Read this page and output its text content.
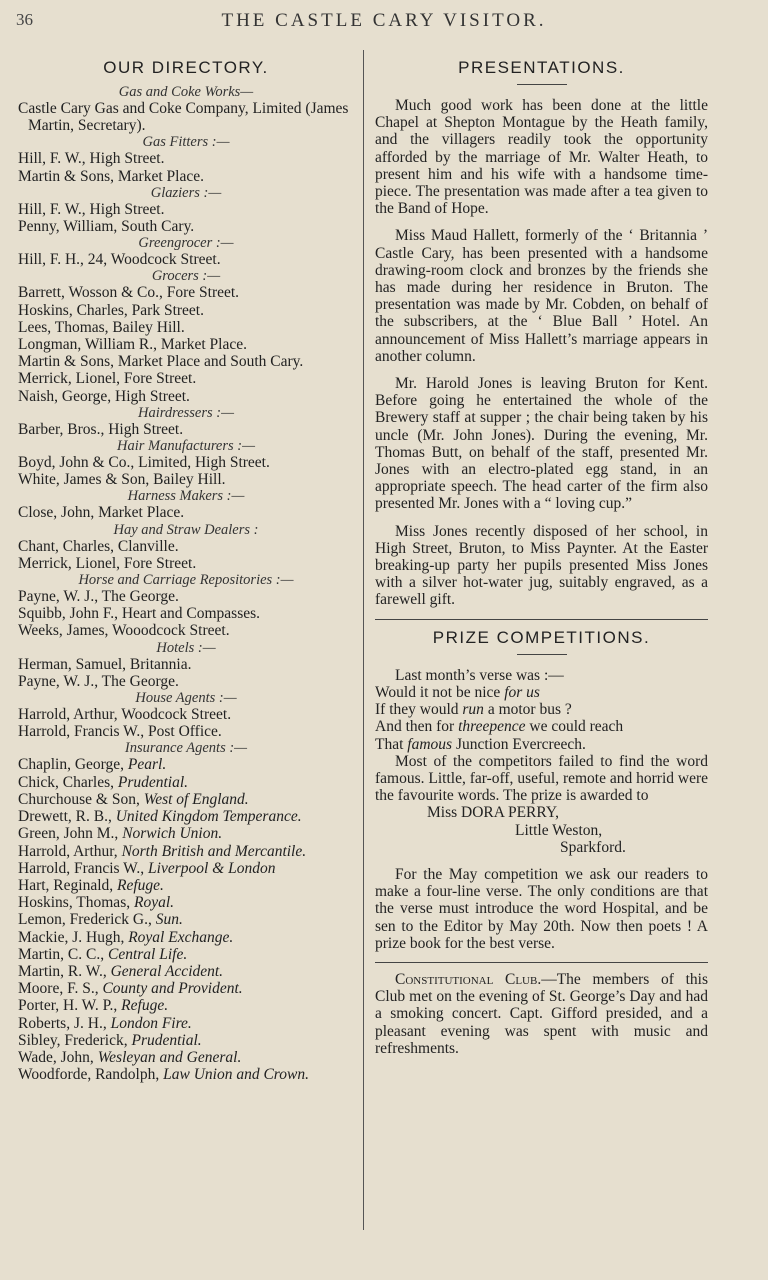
36	THE CASTLE CARY VISITOR.
OUR DIRECTORY.
Gas and Coke Works—
Castle Cary Gas and Coke Company, Limited (James Martin, Secretary).
Gas Fitters :—
Hill, F. W., High Street.
Martin & Sons, Market Place.
Glaziers :—
Hill, F. W., High Street.
Penny, William, South Cary.
Greengrocer :—
Hill, F. H., 24, Woodcock Street.
Grocers :—
Barrett, Wosson & Co., Fore Street.
Hoskins, Charles, Park Street.
Lees, Thomas, Bailey Hill.
Longman, William R., Market Place.
Martin & Sons, Market Place and South Cary.
Merrick, Lionel, Fore Street.
Naish, George, High Street.
Hairdressers :—
Barber, Bros., High Street.
Hair Manufacturers :—
Boyd, John & Co., Limited, High Street.
White, James & Son, Bailey Hill.
Harness Makers :—
Close, John, Market Place.
Hay and Straw Dealers :
Chant, Charles, Clanville.
Merrick, Lionel, Fore Street.
Horse and Carriage Repositories :—
Payne, W. J., The George.
Squibb, John F., Heart and Compasses.
Weeks, James, Wooodcock Street.
Hotels :—
Herman, Samuel, Britannia.
Payne, W. J., The George.
House Agents :—
Harrold, Arthur, Woodcock Street.
Harrold, Francis W., Post Office.
Insurance Agents :—
Chaplin, George, Pearl.
Chick, Charles, Prudential.
Churchouse & Son, West of England.
Drewett, R. B., United Kingdom Temperance.
Green, John M., Norwich Union.
Harrold, Arthur, North British and Mercantile.
Harrold, Francis W., Liverpool & London
Hart, Reginald, Refuge.
Hoskins, Thomas, Royal.
Lemon, Frederick G., Sun.
Mackie, J. Hugh, Royal Exchange.
Martin, C. C., Central Life.
Martin, R. W., General Accident.
Moore, F. S., County and Provident.
Porter, H. W. P., Refuge.
Roberts, J. H., London Fire.
Sibley, Frederick, Prudential.
Wade, John, Wesleyan and General.
Woodforde, Randolph, Law Union and Crown.
PRESENTATIONS.

Much good work has been done at the little Chapel at Shepton Montague by the Heath family, and the villagers readily took the opportunity afforded by the marriage of Mr. Walter Heath, to present him and his wife with a handsome time-piece. The presentation was made after a tea given to the Band of Hope.

Miss Maud Hallett, formerly of the ‘ Britannia ’ Castle Cary, has been presented with a handsome drawing-room clock and bronzes by the friends she has made during her residence in Bruton. The presentation was made by Mr. Cobden, on behalf of the subscribers, at the ‘ Blue Ball ’ Hotel. An announcement of Miss Hallett’s marriage appears in another column.

Mr. Harold Jones is leaving Bruton for Kent. Before going he entertained the whole of the Brewery staff at supper ; the chair being taken by his uncle (Mr. John Jones). During the evening, Mr. Thomas Butt, on behalf of the staff, presented Mr. Jones with an electro-plated egg stand, in an appropriate speech. The head carter of the firm also presented Mr. Jones with a “ loving cup.”

Miss Jones recently disposed of her school, in High Street, Bruton, to Miss Paynter. At the Easter breaking-up party her pupils presented Miss Jones with a silver hot-water jug, suitably engraved, as a farewell gift.

PRIZE COMPETITIONS.
Last month’s verse was :—
Would it not be nice for us
If they would run a motor bus ?
And then for threepence we could reach
That famous Junction Evercreech.

Most of the competitors failed to find the word famous. Little, far-off, useful, remote and horrid were the favourite words. The prize is awarded to

Miss DORA PERRY,
Little Weston,
Sparkford.

For the May competition we ask our readers to make a four-line verse. The only conditions are that the verse must introduce the word Hospital, and be sen to the Editor by May 20th. Now then poets ! A prize book for the best verse.

Constitutional Club.—The members of this Club met on the evening of St. George’s Day and had a smoking concert. Capt. Gifford presided, and a pleasant evening was spent with music and refreshments.
